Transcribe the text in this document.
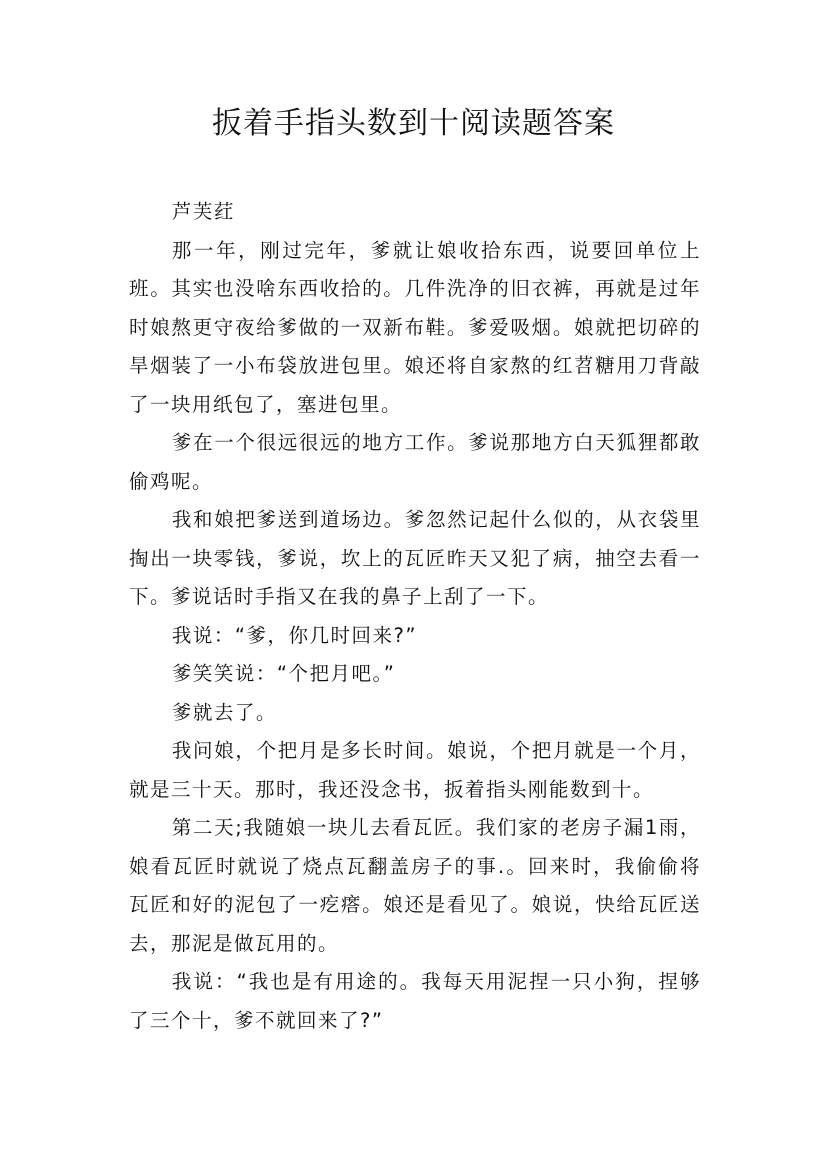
扳着手指头数到十阅读题答案

芦芙荭

那一年，刚过完年，爹就让娘收拾东西，说要回单位上班。其实也没啥东西收拾的。几件洗净的旧衣裤，再就是过年时娘熬更守夜给爹做的一双新布鞋。爹爱吸烟。娘就把切碎的旱烟装了一小布袋放进包里。娘还将自家熬的红苕糖用刀背敲了一块用纸包了，塞进包里。

爹在一个很远很远的地方工作。爹说那地方白天狐狸都敢偷鸡呢。

我和娘把爹送到道场边。爹忽然记起什么似的，从衣袋里掏出一块零钱，爹说，坎上的瓦匠昨天又犯了病，抽空去看一下。爹说话时手指又在我的鼻子上刮了一下。

我说：“爹，你几时回来?”

爹笑笑说：“个把月吧。”

爹就去了。

我问娘，个把月是多长时间。娘说，个把月就是一个月，就是三十天。那时，我还没念书，扳着指头刚能数到十。

第二天;我随娘一块儿去看瓦匠。我们家的老房子漏1雨，娘看瓦匠时就说了烧点瓦翻盖房子的事.。回来时，我偷偷将瓦匠和好的泥包了一疙瘩。娘还是看见了。娘说，快给瓦匠送去，那泥是做瓦用的。

我说：“我也是有用途的。我每天用泥捏一只小狗，捏够了三个十，爹不就回来了?”
